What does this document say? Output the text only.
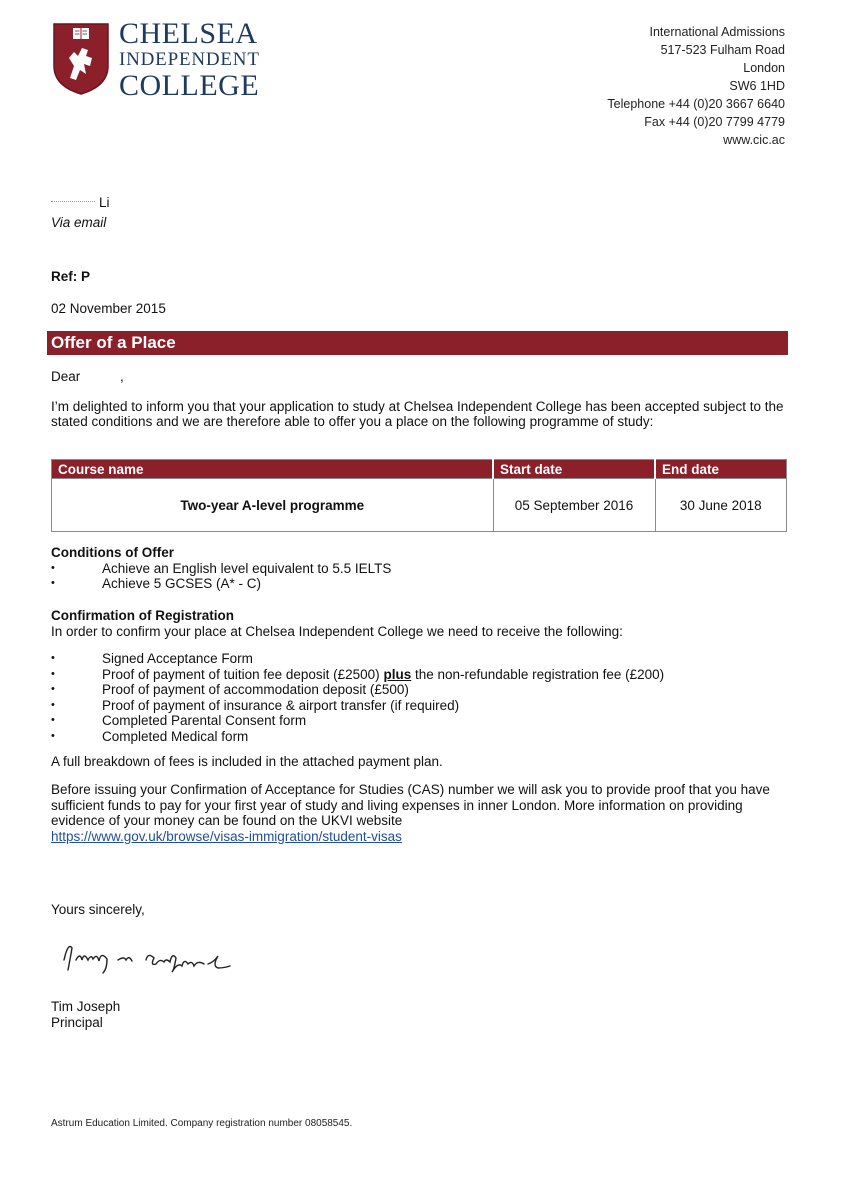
CHELSEA
INDEPENDENT
COLLEGE
International Admissions
517-523 Fulham Road
London
SW6 1HD
Telephone +44 (0)20 3667 6640
Fax +44 (0)20 7799 4779
www.cic.ac
Li
Via email
Ref: P
02 November 2015
Offer of a Place
Dear	,
I’m delighted to inform you that your application to study at Chelsea Independent College has been accepted subject to the stated conditions and we are therefore able to offer you a place on the following programme of study:
Course name	Start date	End date
Two-year A-level programme	05 September 2016	30 June 2018
Conditions of Offer
• Achieve an English level equivalent to 5.5 IELTS
• Achieve 5 GCSES (A* - C)
Confirmation of Registration
In order to confirm your place at Chelsea Independent College we need to receive the following:
• Signed Acceptance Form
• Proof of payment of tuition fee deposit (£2500) plus the non-refundable registration fee (£200)
• Proof of payment of accommodation deposit (£500)
• Proof of payment of insurance & airport transfer (if required)
• Completed Parental Consent form
• Completed Medical form
A full breakdown of fees is included in the attached payment plan.
Before issuing your Confirmation of Acceptance for Studies (CAS) number we will ask you to provide proof that you have sufficient funds to pay for your first year of study and living expenses in inner London. More information on providing evidence of your money can be found on the UKVI website
https://www.gov.uk/browse/visas-immigration/student-visas
Yours sincerely,
Tim Joseph
Principal
Astrum Education Limited. Company registration number 08058545.
